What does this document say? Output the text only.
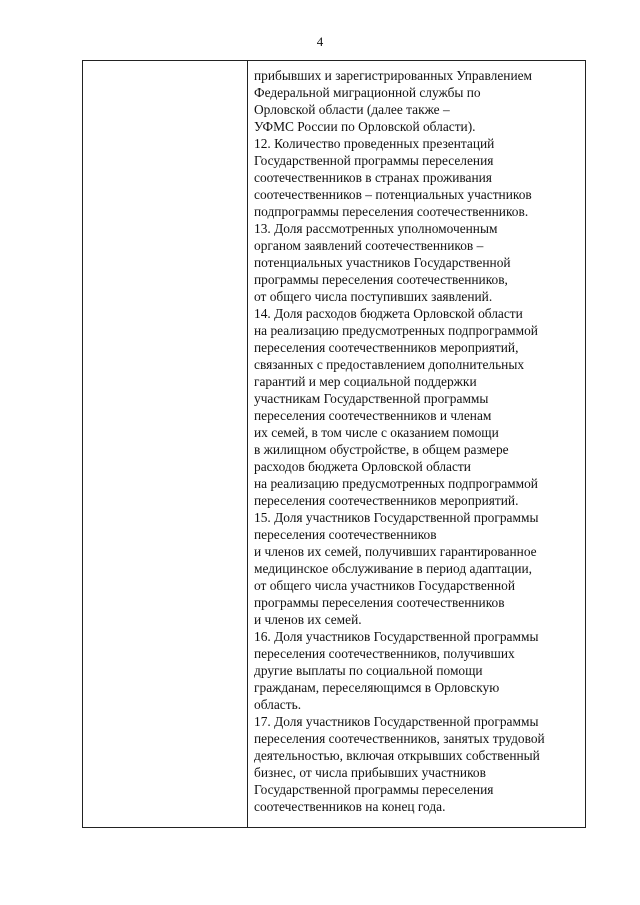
4
прибывших и зарегистрированных Управлением
Федеральной миграционной службы по
Орловской области (далее также –
УФМС России по Орловской области).
12. Количество проведенных презентаций
Государственной программы переселения
соотечественников в странах проживания
соотечественников – потенциальных участников
подпрограммы переселения соотечественников.
13. Доля рассмотренных уполномоченным
органом заявлений соотечественников –
потенциальных участников Государственной
программы переселения соотечественников,
от общего числа поступивших заявлений.
14. Доля расходов бюджета Орловской области
на реализацию предусмотренных подпрограммой
переселения соотечественников мероприятий,
связанных с предоставлением дополнительных
гарантий и мер социальной поддержки
участникам Государственной программы
переселения соотечественников и членам
их семей, в том числе с оказанием помощи
в жилищном обустройстве, в общем размере
расходов бюджета Орловской области
на реализацию предусмотренных подпрограммой
переселения соотечественников мероприятий.
15. Доля участников Государственной программы
переселения соотечественников
и членов их семей, получивших гарантированное
медицинское обслуживание в период адаптации,
от общего числа участников Государственной
программы переселения соотечественников
и членов их семей.
16. Доля участников Государственной программы
переселения соотечественников, получивших
другие выплаты по социальной помощи
гражданам, переселяющимся в Орловскую
область.
17. Доля участников Государственной программы
переселения соотечественников, занятых трудовой
деятельностью, включая открывших собственный
бизнес, от числа прибывших участников
Государственной программы переселения
соотечественников на конец года.
